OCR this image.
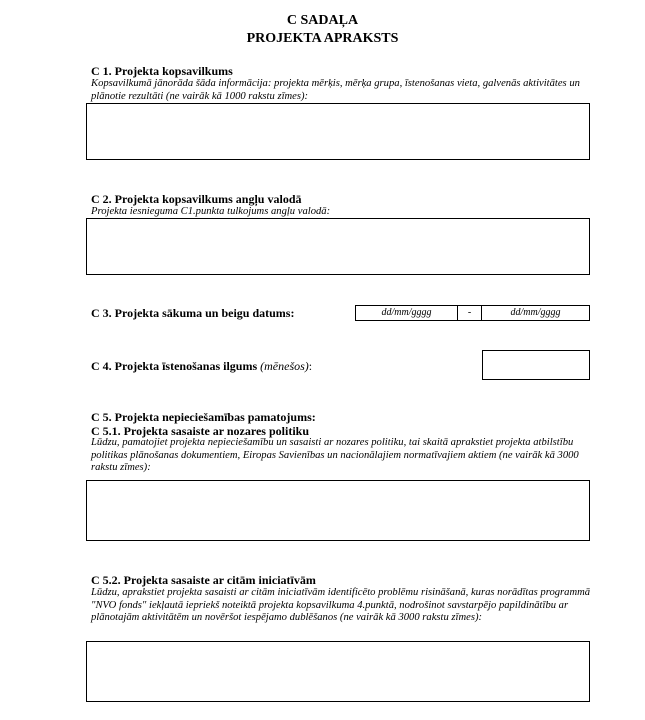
C SADAĻA
PROJEKTA APRAKSTS
C 1. Projekta kopsavilkums
Kopsavilkumā jānorāda šāda informācija: projekta mērķis, mērķa grupa, īstenošanas vieta, galvenās aktivitātes un plānotie rezultāti (ne vairāk kā 1000 rakstu zīmes):
C 2. Projekta kopsavilkums angļu valodā
Projekta iesnieguma C1.punkta tulkojums angļu valodā:
C 3. Projekta sākuma un beigu datums:	dd/mm/gggg	-	dd/mm/gggg
C 4. Projekta īstenošanas ilgums (mēnešos):
C 5. Projekta nepieciešamības pamatojums:
C 5.1. Projekta sasaiste ar nozares politiku
Lūdzu, pamatojiet projekta nepieciešamību un sasaisti ar nozares politiku, tai skaitā aprakstiet projekta atbilstību politikas plānošanas dokumentiem, Eiropas Savienības un nacionālajiem normatīvajiem aktiem (ne vairāk kā 3000 rakstu zīmes):
C 5.2. Projekta sasaiste ar citām iniciatīvām
Lūdzu, aprakstiet projekta sasaisti ar citām iniciatīvām identificēto problēmu risināšanā, kuras norādītas programmā "NVO fonds" iekļautā iepriekš noteiktā projekta kopsavilkuma 4.punktā, nodrošinot savstarpējo papildinātību ar plānotajām aktivitātēm un novēršot iespējamo dublēšanos (ne vairāk kā 3000 rakstu zīmes):
